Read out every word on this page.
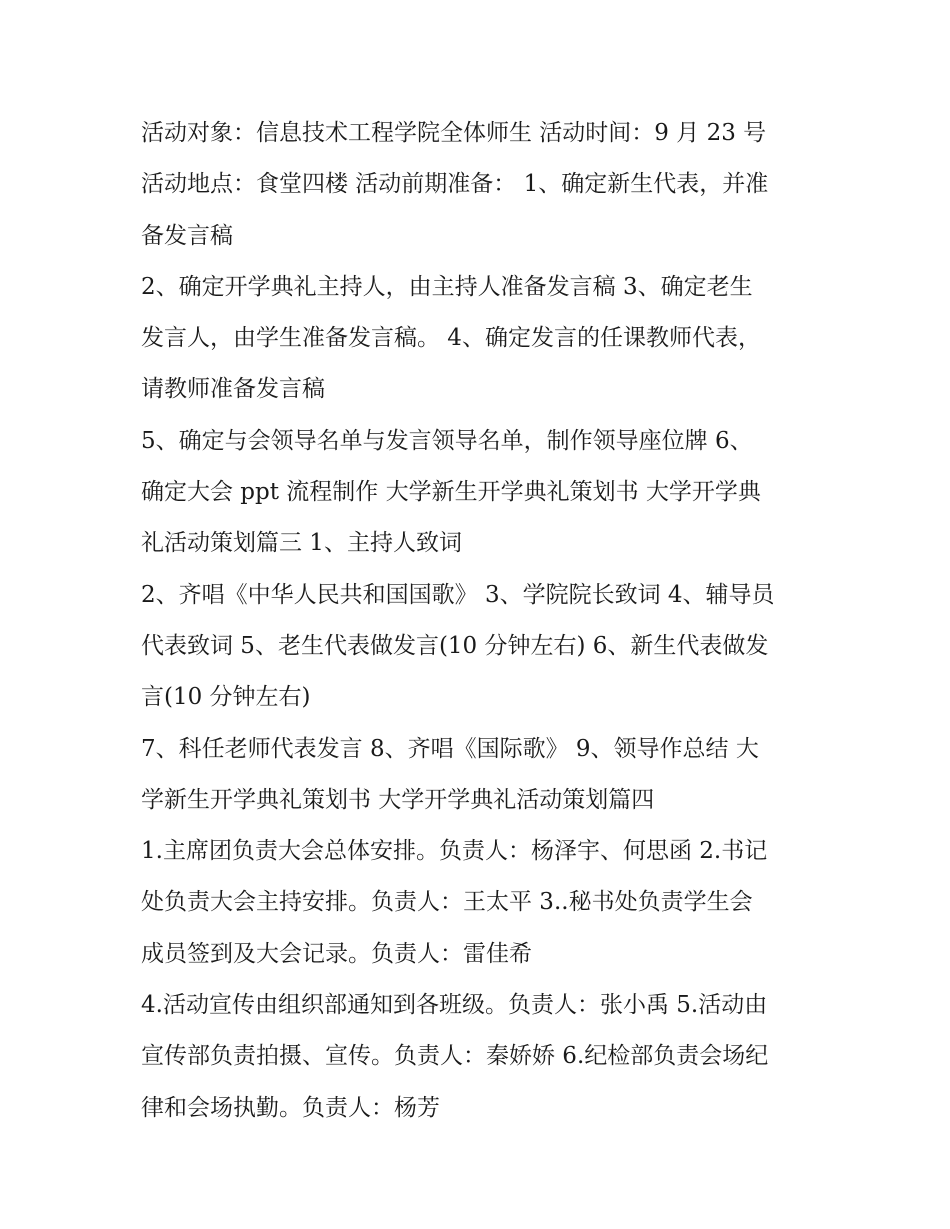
活动对象：信息技术工程学院全体师生 活动时间：9 月 23 号
活动地点：食堂四楼 活动前期准备： 1、确定新生代表，并准
备发言稿
2、确定开学典礼主持人，由主持人准备发言稿 3、确定老生
发言人，由学生准备发言稿。 4、确定发言的任课教师代表，
请教师准备发言稿
5、确定与会领导名单与发言领导名单，制作领导座位牌 6、
确定大会 ppt 流程制作 大学新生开学典礼策划书 大学开学典
礼活动策划篇三 1、主持人致词
2、齐唱《中华人民共和国国歌》 3、学院院长致词 4、辅导员
代表致词 5、老生代表做发言(10 分钟左右) 6、新生代表做发
言(10 分钟左右)
7、科任老师代表发言 8、齐唱《国际歌》 9、领导作总结 大
学新生开学典礼策划书 大学开学典礼活动策划篇四
1.主席团负责大会总体安排。负责人：杨泽宇、何思函 2.书记
处负责大会主持安排。负责人：王太平 3..秘书处负责学生会
成员签到及大会记录。负责人：雷佳希
4.活动宣传由组织部通知到各班级。负责人：张小禹 5.活动由
宣传部负责拍摄、宣传。负责人：秦娇娇 6.纪检部负责会场纪
律和会场执勤。负责人：杨芳
